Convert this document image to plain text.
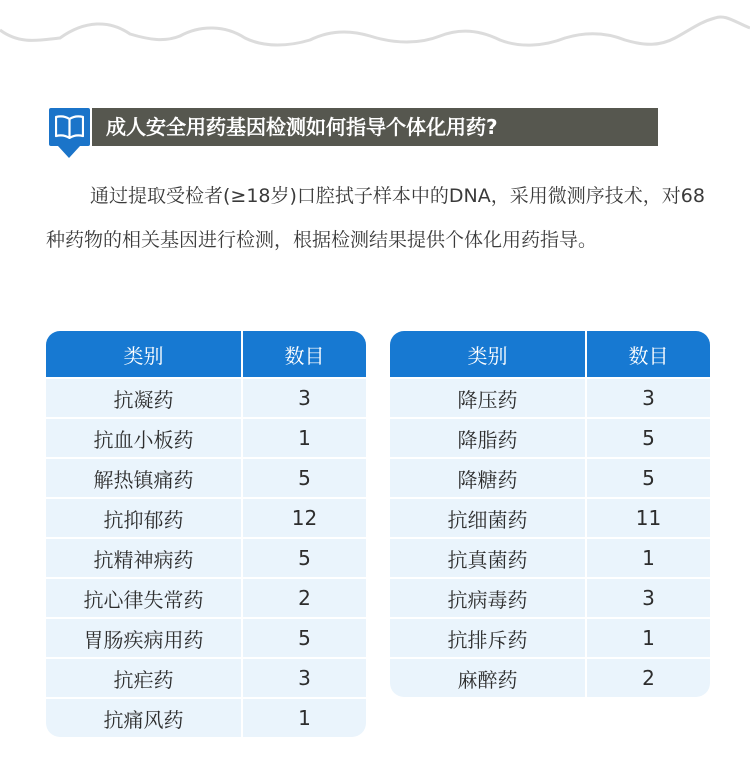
成人安全用药基因检测如何指导个体化用药?

通过提取受检者(≥18岁)口腔拭子样本中的DNA，采用微测序技术，对68种药物的相关基因进行检测，根据检测结果提供个体化用药指导。

类别	数目
抗凝药	3
抗血小板药	1
解热镇痛药	5
抗抑郁药	12
抗精神病药	5
抗心律失常药	2
胃肠疾病用药	5
抗疟药	3
抗痛风药	1
类别	数目
降压药	3
降脂药	5
降糖药	5
抗细菌药	11
抗真菌药	1
抗病毒药	3
抗排斥药	1
麻醉药	2
